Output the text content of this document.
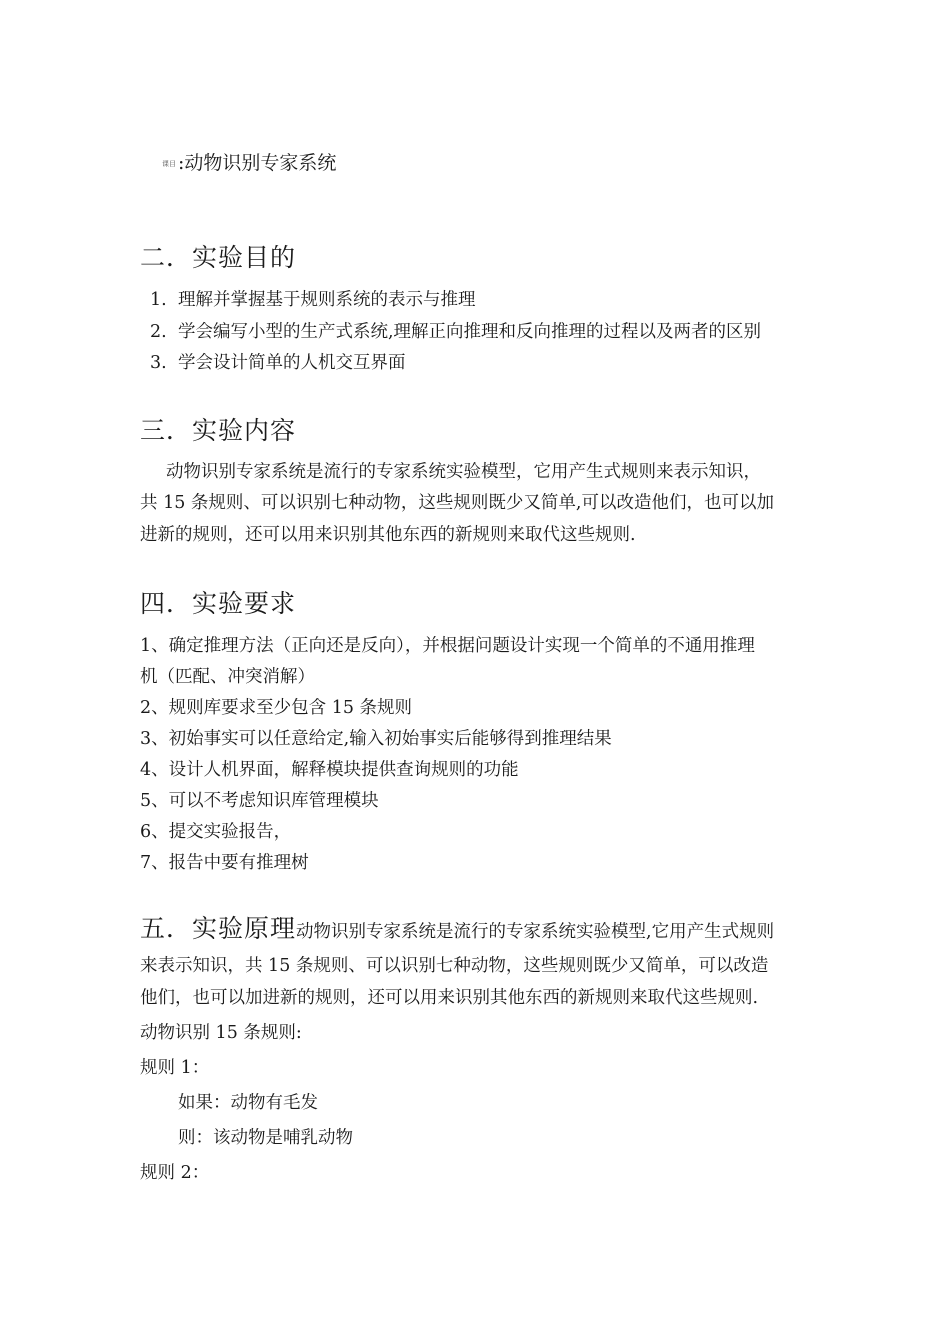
课目 :动物识别专家系统
二．实验目的
1. 理解并掌握基于规则系统的表示与推理
2. 学会编写小型的生产式系统,理解正向推理和反向推理的过程以及两者的区别
3. 学会设计简单的人机交互界面
三．实验内容
动物识别专家系统是流行的专家系统实验模型，它用产生式规则来表示知识，
共 15 条规则、可以识别七种动物，这些规则既少又简单,可以改造他们，也可以加
进新的规则，还可以用来识别其他东西的新规则来取代这些规则.
四．实验要求
1、确定推理方法（正向还是反向），并根据问题设计实现一个简单的不通用推理
机（匹配、冲突消解）
2、规则库要求至少包含 15 条规则
3、初始事实可以任意给定,输入初始事实后能够得到推理结果
4、设计人机界面，解释模块提供查询规则的功能
5、可以不考虑知识库管理模块
6、提交实验报告，
7、报告中要有推理树
五．实验原理动物识别专家系统是流行的专家系统实验模型,它用产生式规则
来表示知识，共 15 条规则、可以识别七种动物，这些规则既少又简单，可以改造
他们，也可以加进新的规则，还可以用来识别其他东西的新规则来取代这些规则.
动物识别 15 条规则:
规则 1：
如果：动物有毛发
则：该动物是哺乳动物
规则 2：
